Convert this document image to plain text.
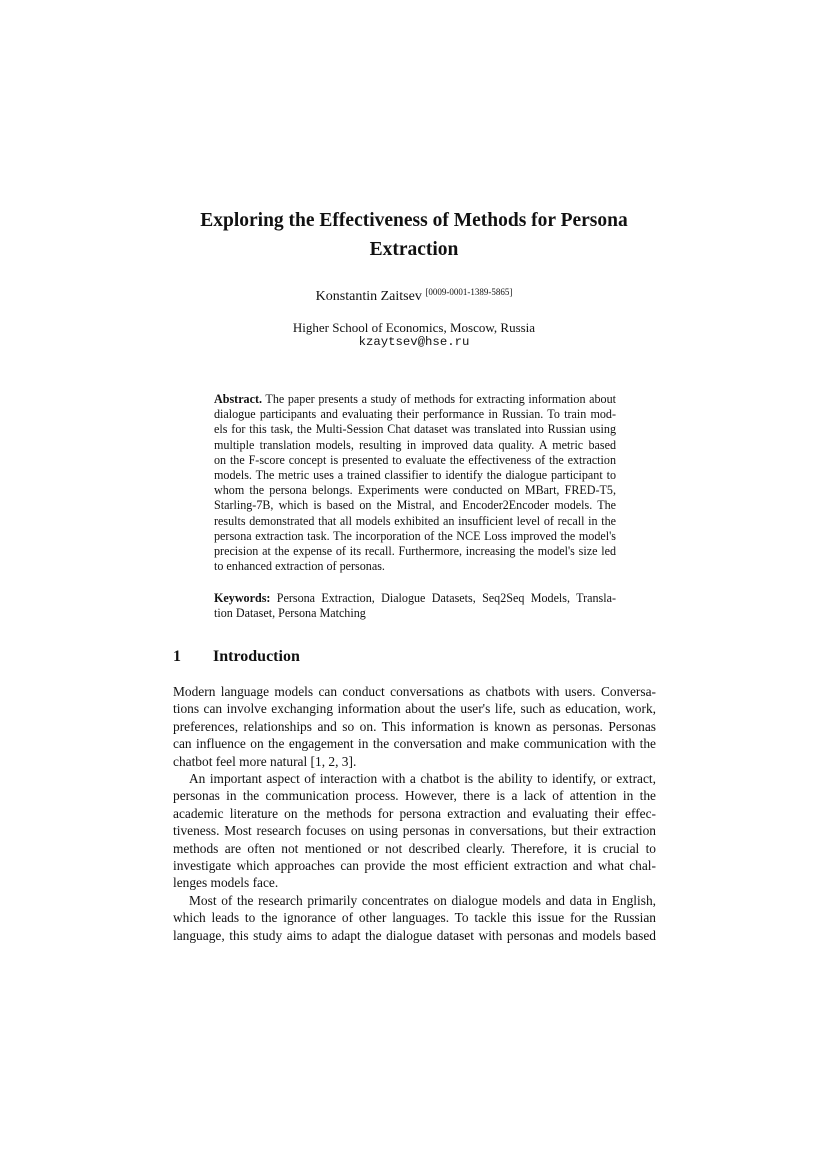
Exploring the Effectiveness of Methods for Persona
Extraction
Konstantin Zaitsev [0009-0001-1389-5865]
Higher School of Economics, Moscow, Russia
kzaytsev@hse.ru
Abstract. The paper presents a study of methods for extracting information about
dialogue participants and evaluating their performance in Russian. To train mod-
els for this task, the Multi-Session Chat dataset was translated into Russian using
multiple translation models, resulting in improved data quality. A metric based
on the F-score concept is presented to evaluate the effectiveness of the extraction
models. The metric uses a trained classifier to identify the dialogue participant to
whom the persona belongs. Experiments were conducted on MBart, FRED-T5,
Starling-7B, which is based on the Mistral, and Encoder2Encoder models. The
results demonstrated that all models exhibited an insufficient level of recall in the
persona extraction task. The incorporation of the NCE Loss improved the model's
precision at the expense of its recall. Furthermore, increasing the model's size led
to enhanced extraction of personas.
Keywords: Persona Extraction, Dialogue Datasets, Seq2Seq Models, Transla-
tion Dataset, Persona Matching
1 Introduction
Modern language models can conduct conversations as chatbots with users. Conversa-
tions can involve exchanging information about the user's life, such as education, work,
preferences, relationships and so on. This information is known as personas. Personas
can influence on the engagement in the conversation and make communication with the
chatbot feel more natural [1, 2, 3].
An important aspect of interaction with a chatbot is the ability to identify, or extract,
personas in the communication process. However, there is a lack of attention in the
academic literature on the methods for persona extraction and evaluating their effec-
tiveness. Most research focuses on using personas in conversations, but their extraction
methods are often not mentioned or not described clearly. Therefore, it is crucial to
investigate which approaches can provide the most efficient extraction and what chal-
lenges models face.
Most of the research primarily concentrates on dialogue models and data in English,
which leads to the ignorance of other languages. To tackle this issue for the Russian
language, this study aims to adapt the dialogue dataset with personas and models based
